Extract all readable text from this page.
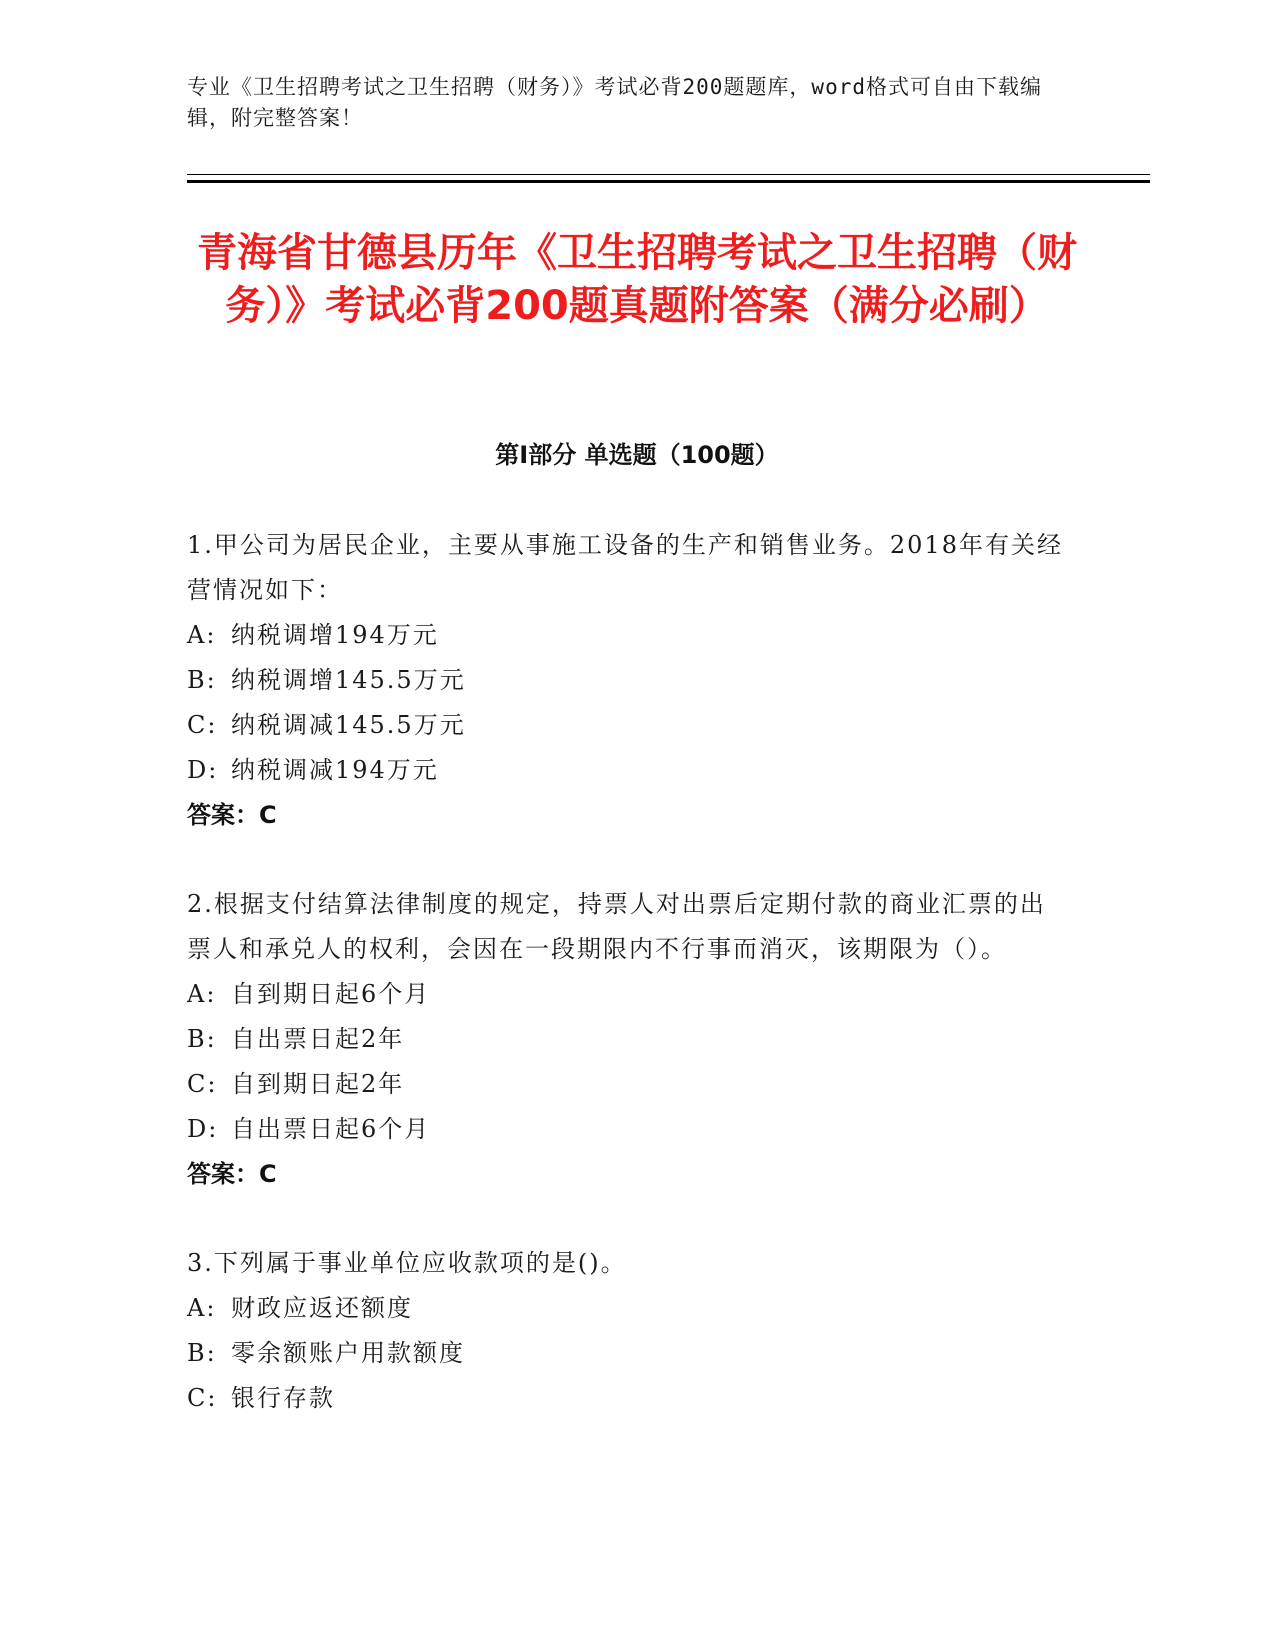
专业《卫生招聘考试之卫生招聘（财务）》考试必背200题题库，word格式可自由下载编辑，附完整答案！
青海省甘德县历年《卫生招聘考试之卫生招聘（财务）》考试必背200题真题附答案（满分必刷）
第I部分 单选题（100题）
1.甲公司为居民企业，主要从事施工设备的生产和销售业务。2018年有关经营情况如下：
A: 纳税调增194万元
B: 纳税调增145.5万元
C: 纳税调减145.5万元
D: 纳税调减194万元
答案：C
2.根据支付结算法律制度的规定，持票人对出票后定期付款的商业汇票的出票人和承兑人的权利，会因在一段期限内不行事而消灭，该期限为（）。
A: 自到期日起6个月
B: 自出票日起2年
C: 自到期日起2年
D: 自出票日起6个月
答案：C
3.下列属于事业单位应收款项的是()。
A: 财政应返还额度
B: 零余额账户用款额度
C: 银行存款
